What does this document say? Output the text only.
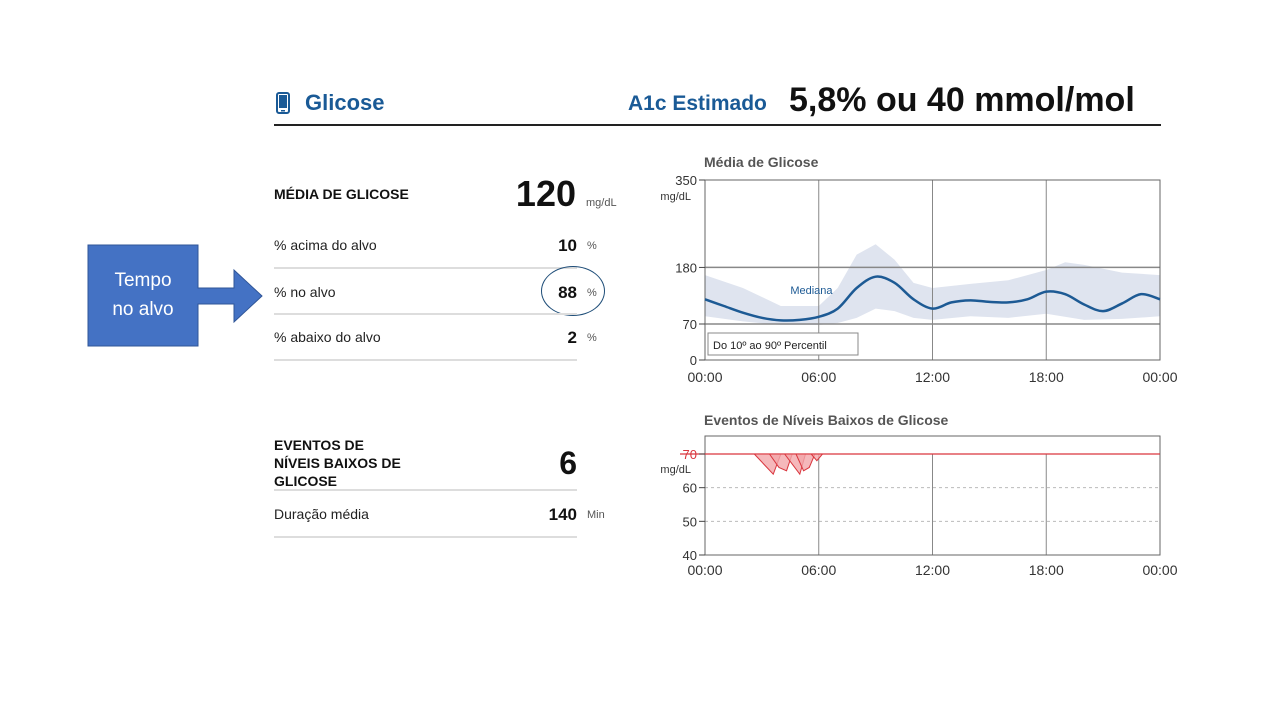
Tempo
no alvo
Glicose	A1c Estimado 5,8% ou 40 mmol/mol
MÉDIA DE GLICOSE	120 mg/dL
% acima do alvo	10 %
% no alvo	88 %
% abaixo do alvo	2 %
EVENTOS DE
NÍVEIS BAIXOS DE
GLICOSE	6
Duração média	140 Min
Média de Glicose
Mediana
Do 10º ao 90º Percentil
0
70
180
350
mg/dL
00:00	06:00	12:00	18:00	00:00
Eventos de Níveis Baixos de Glicose
40
50
60
70
mg/dL
00:00	06:00	12:00	18:00	00:00
